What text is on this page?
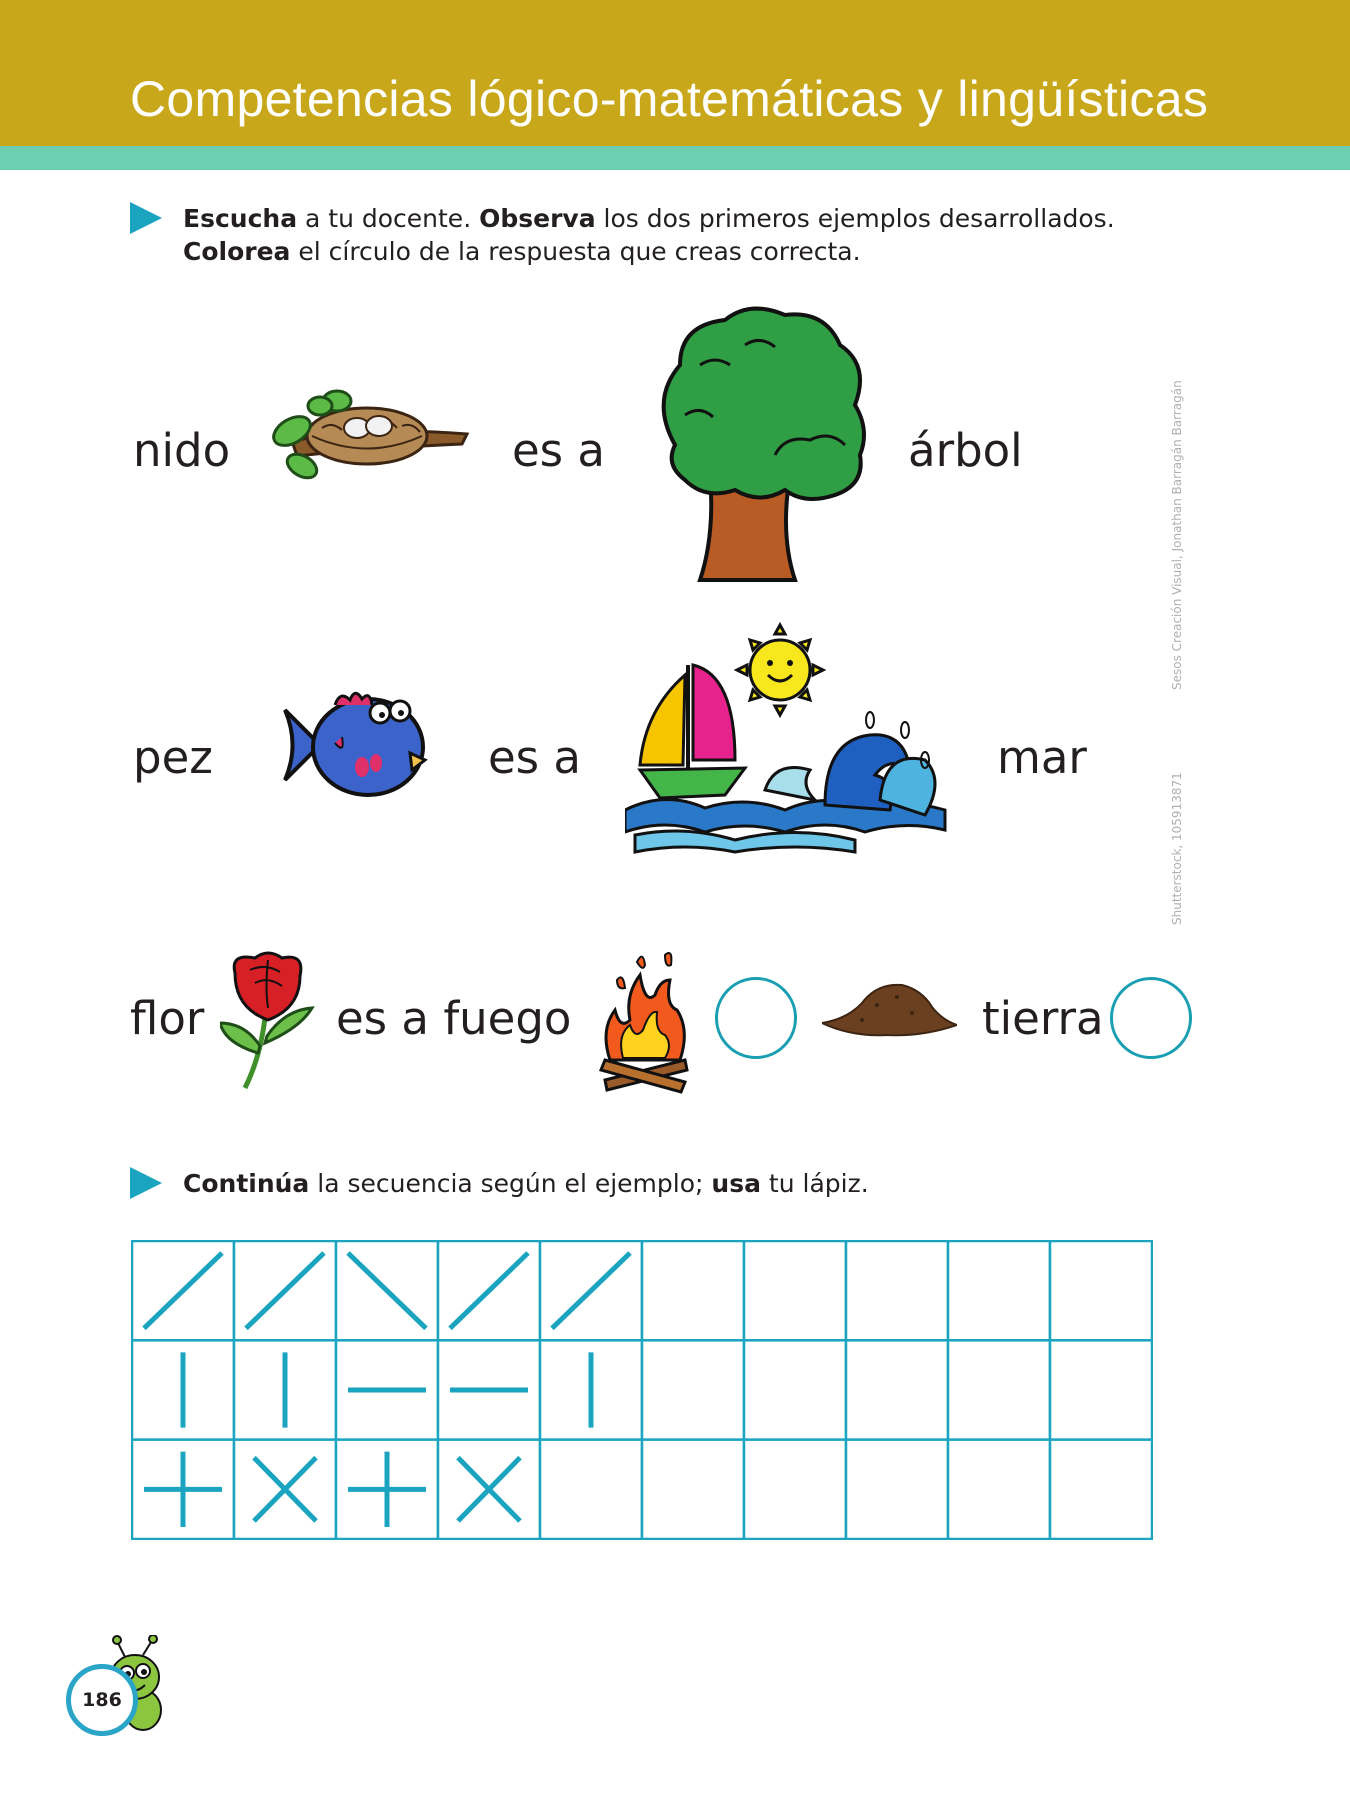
Competencias lógico-matemáticas y lingüísticas
Escucha a tu docente. Observa los dos primeros ejemplos desarrollados.
Colorea el círculo de la respuesta que creas correcta.
nido	es a	árbol	Sesos Creación Visual, Jonathan Barragán Barragán
Shutterstock, 105913871
pez	es a	mar
flor	es a fuego	tierra
Continúa la secuencia según el ejemplo; usa tu lápiz.
186
